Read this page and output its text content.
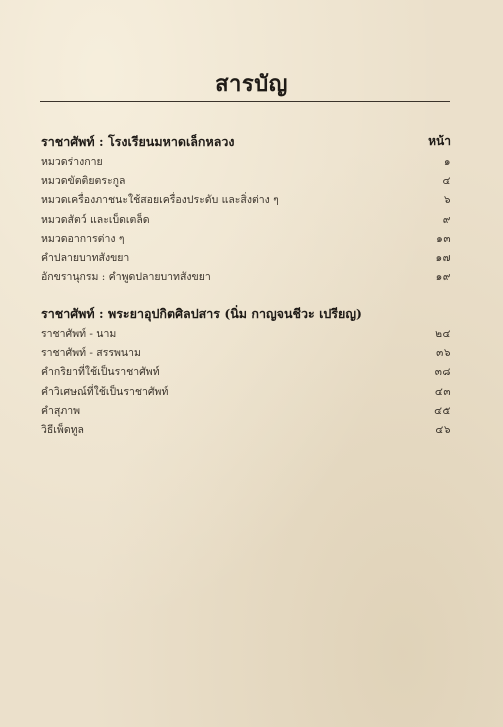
สารบัญ
ราชาศัพท์ : โรงเรียนมหาดเล็กหลวง	หน้า
หมวดร่างกาย	๑
หมวดขัตติยตระกูล	๔
หมวดเครื่องภาชนะใช้สอยเครื่องประดับ และสิ่งต่าง ๆ	๖
หมวดสัตว์ และเบ็ดเตล็ด	๙
หมวดอาการต่าง ๆ	๑๓
คำปลายบาทสังขยา	๑๗
อักขรานุกรม : คำพูดปลายบาทสังขยา	๑๙
ราชาศัพท์ : พระยาอุปกิตศิลปสาร (นิ่ม กาญจนชีวะ เปรียญ)
ราชาศัพท์ - นาม	๒๔
ราชาศัพท์ - สรรพนาม	๓๖
คำกริยาที่ใช้เป็นราชาศัพท์	๓๘
คำวิเศษณ์ที่ใช้เป็นราชาศัพท์	๔๓
คำสุภาพ	๔๕
วิธีเพ็ดทูล	๔๖
